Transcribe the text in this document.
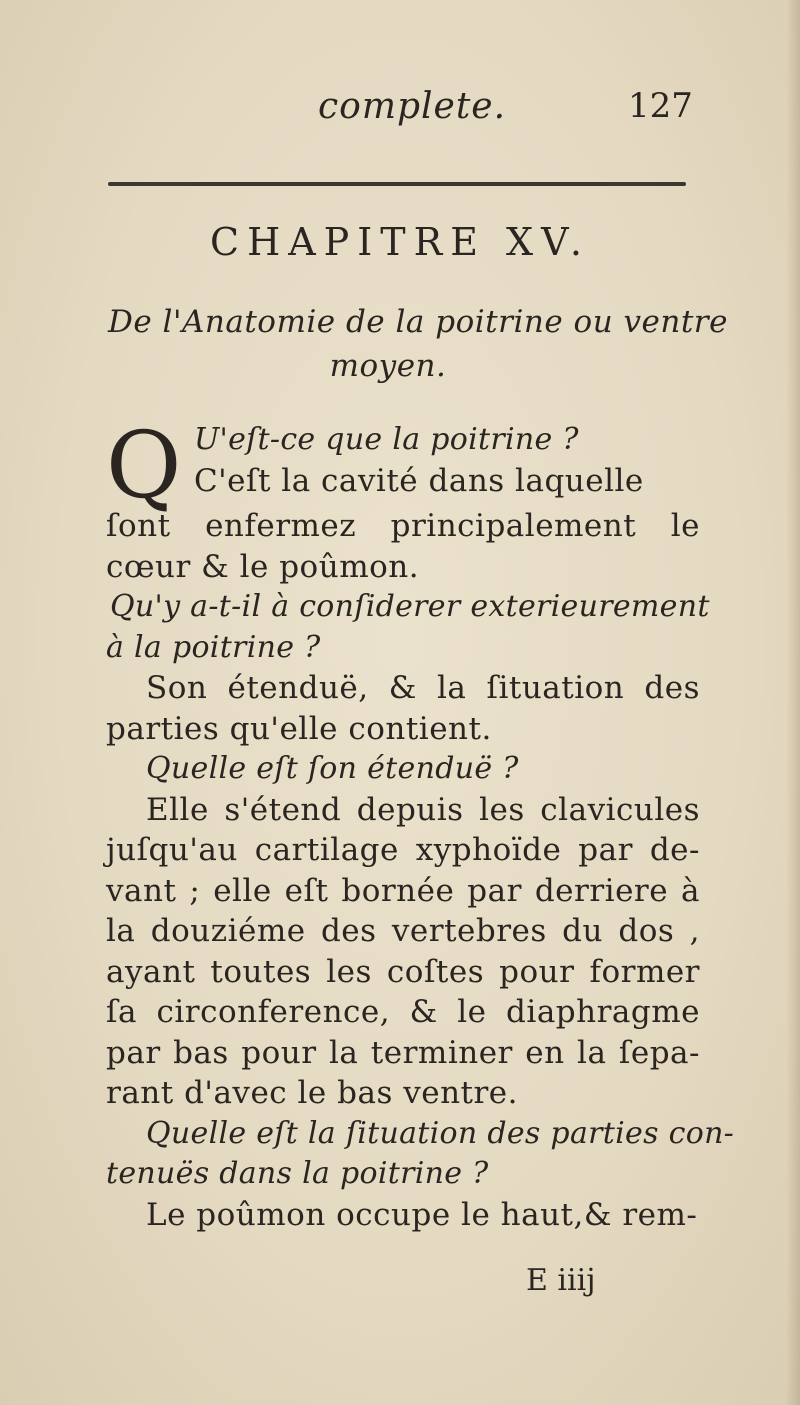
complete.	127
CHAPITRE XV.
De l'Anatomie de la poitrine ou ventre
moyen.
Q U'eſt-ce que la poitrine ?
C'eſt la cavité dans laquelle
ſont enfermez principalement le
cœur & le poûmon.
Qu'y a-t-il à conſiderer exterieurement
à la poitrine ?
Son étenduë, & la ſituation des
parties qu'elle contient.
Quelle eſt ſon étenduë ?
Elle s'étend depuis les clavicules
juſqu'au cartilage xyphoïde par de-
vant ; elle eſt bornée par derriere à
la douziéme des vertebres du dos ,
ayant toutes les coſtes pour former
ſa circonference, & le diaphragme
par bas pour la terminer en la ſepa-
rant d'avec le bas ventre.
Quelle eſt la ſituation des parties con-
tenuës dans la poitrine ?
Le poûmon occupe le haut,& rem-
E iiij
